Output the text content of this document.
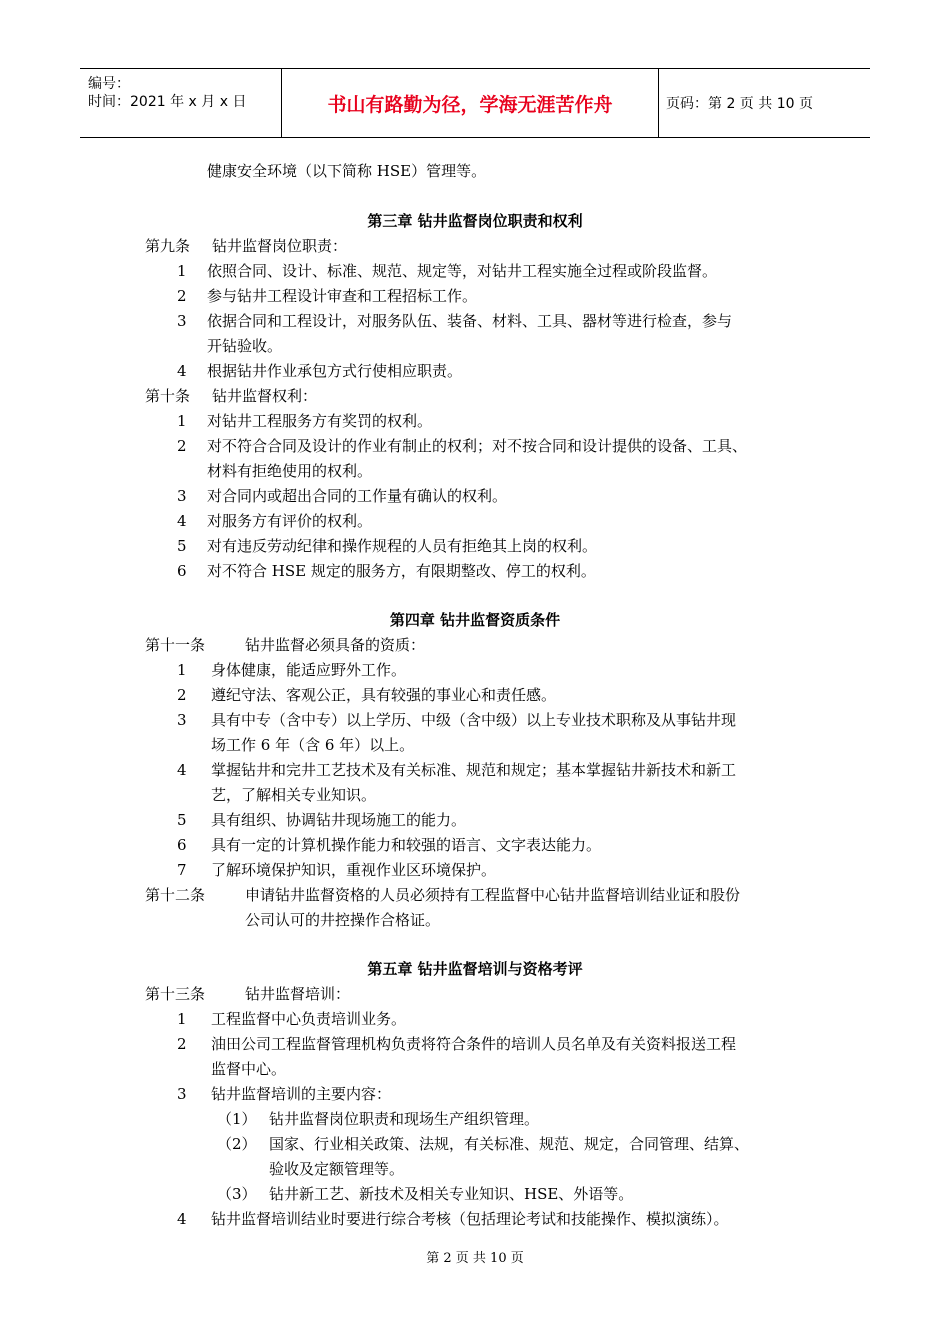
编号：
时间：2021 年 x 月 x 日	书山有路勤为径，学海无涯苦作舟	页码：第 2 页 共 10 页
健康安全环境（以下简称 HSE）管理等。
第三章 钻井监督岗位职责和权利
第九条 钻井监督岗位职责：
1 依照合同、设计、标准、规范、规定等，对钻井工程实施全过程或阶段监督。
2 参与钻井工程设计审查和工程招标工作。
3 依据合同和工程设计，对服务队伍、装备、材料、工具、器材等进行检查，参与
开钻验收。
4 根据钻井作业承包方式行使相应职责。
第十条 钻井监督权利：
1 对钻井工程服务方有奖罚的权利。
2 对不符合合同及设计的作业有制止的权利；对不按合同和设计提供的设备、工具、
材料有拒绝使用的权利。
3 对合同内或超出合同的工作量有确认的权利。
4 对服务方有评价的权利。
5 对有违反劳动纪律和操作规程的人员有拒绝其上岗的权利。
6 对不符合 HSE 规定的服务方，有限期整改、停工的权利。
第四章 钻井监督资质条件
第十一条	钻井监督必须具备的资质：
1 身体健康，能适应野外工作。
2 遵纪守法、客观公正，具有较强的事业心和责任感。
3 具有中专（含中专）以上学历、中级（含中级）以上专业技术职称及从事钻井现
场工作 6 年（含 6 年）以上。
4 掌握钻井和完井工艺技术及有关标准、规范和规定；基本掌握钻井新技术和新工
艺，了解相关专业知识。
5 具有组织、协调钻井现场施工的能力。
6 具有一定的计算机操作能力和较强的语言、文字表达能力。
7 了解环境保护知识，重视作业区环境保护。
第十二条	申请钻井监督资格的人员必须持有工程监督中心钻井监督培训结业证和股份
公司认可的井控操作合格证。
第五章 钻井监督培训与资格考评
第十三条	钻井监督培训：
1 工程监督中心负责培训业务。
2 油田公司工程监督管理机构负责将符合条件的培训人员名单及有关资料报送工程
监督中心。
3 钻井监督培训的主要内容：
（1） 钻井监督岗位职责和现场生产组织管理。
（2） 国家、行业相关政策、法规，有关标准、规范、规定，合同管理、结算、
验收及定额管理等。
（3） 钻井新工艺、新技术及相关专业知识、HSE、外语等。
4 钻井监督培训结业时要进行综合考核（包括理论考试和技能操作、模拟演练）。
第 2 页 共 10 页
